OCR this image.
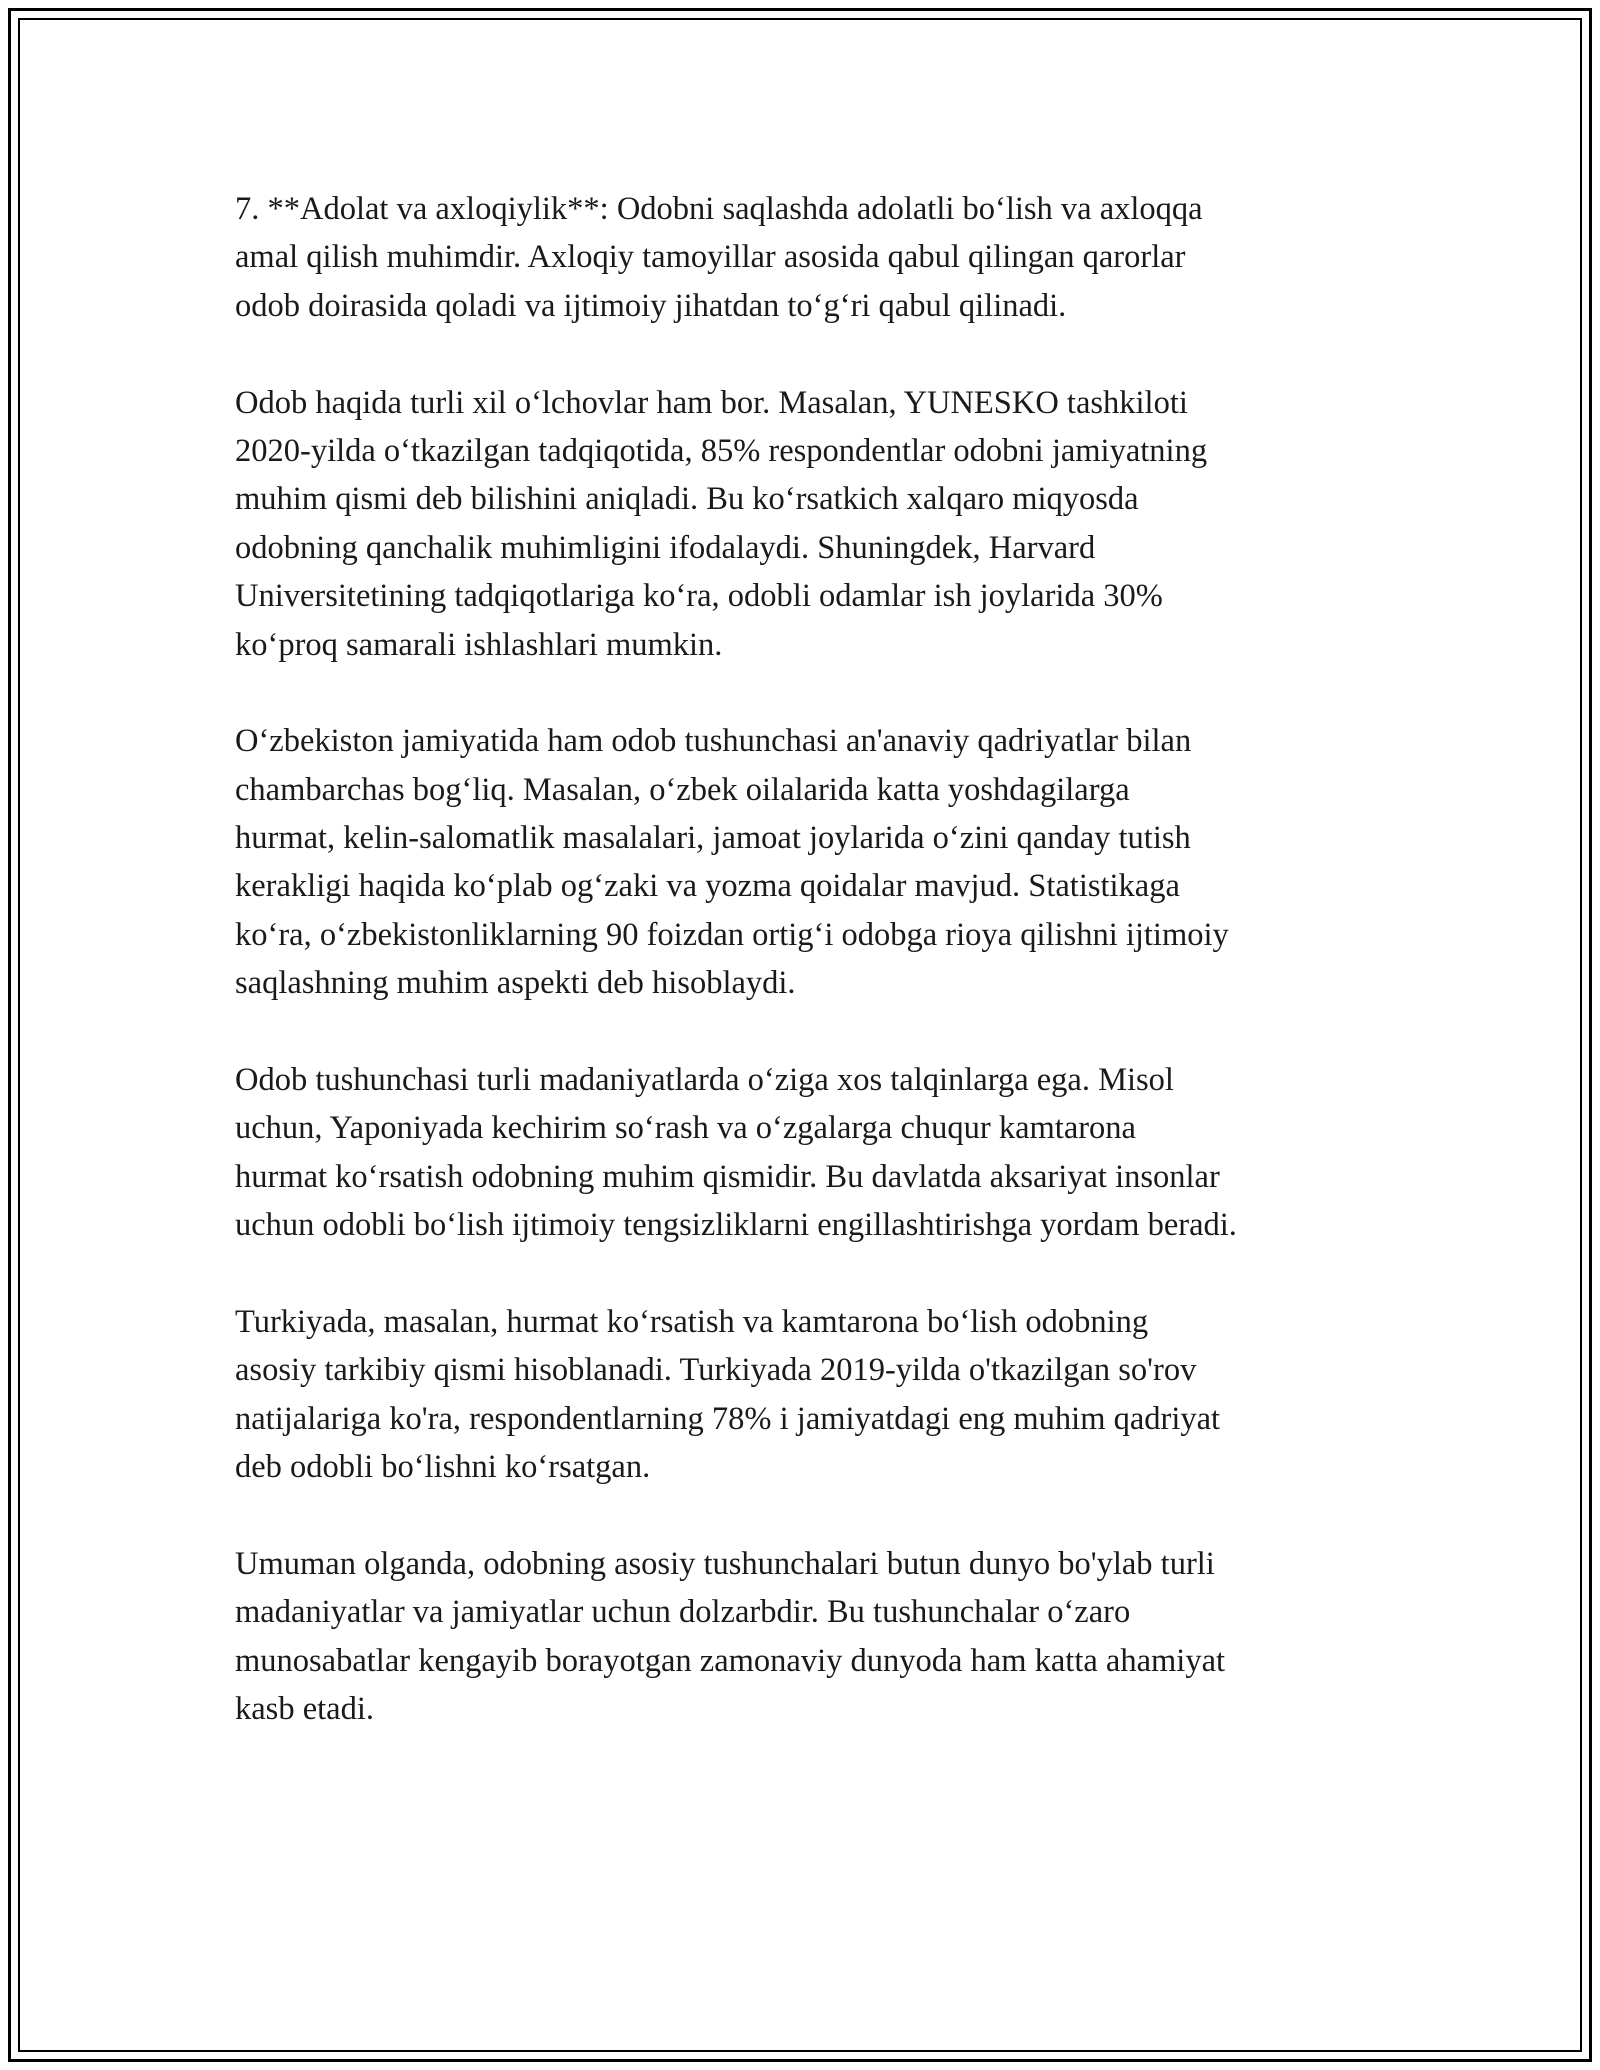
7. **Adolat va axloqiylik**: Odobni saqlashda adolatli bo‘lish va axloqqa
amal qilish muhimdir. Axloqiy tamoyillar asosida qabul qilingan qarorlar
odob doirasida qoladi va ijtimoiy jihatdan to‘g‘ri qabul qilinadi.

Odob haqida turli xil o‘lchovlar ham bor. Masalan, YUNESKO tashkiloti
2020-yilda o‘tkazilgan tadqiqotida, 85% respondentlar odobni jamiyatning
muhim qismi deb bilishini aniqladi. Bu ko‘rsatkich xalqaro miqyosda
odobning qanchalik muhimligini ifodalaydi. Shuningdek, Harvard
Universitetining tadqiqotlariga ko‘ra, odobli odamlar ish joylarida 30%
ko‘proq samarali ishlashlari mumkin.

O‘zbekiston jamiyatida ham odob tushunchasi an'anaviy qadriyatlar bilan
chambarchas bog‘liq. Masalan, o‘zbek oilalarida katta yoshdagilarga
hurmat, kelin-salomatlik masalalari, jamoat joylarida o‘zini qanday tutish
kerakligi haqida ko‘plab og‘zaki va yozma qoidalar mavjud. Statistikaga
ko‘ra, o‘zbekistonliklarning 90 foizdan ortig‘i odobga rioya qilishni ijtimoiy
saqlashning muhim aspekti deb hisoblaydi.

Odob tushunchasi turli madaniyatlarda o‘ziga xos talqinlarga ega. Misol
uchun, Yaponiyada kechirim so‘rash va o‘zgalarga chuqur kamtarona
hurmat ko‘rsatish odobning muhim qismidir. Bu davlatda aksariyat insonlar
uchun odobli bo‘lish ijtimoiy tengsizliklarni engillashtirishga yordam beradi.

Turkiyada, masalan, hurmat ko‘rsatish va kamtarona bo‘lish odobning
asosiy tarkibiy qismi hisoblanadi. Turkiyada 2019-yilda o'tkazilgan so'rov
natijalariga ko'ra, respondentlarning 78% i jamiyatdagi eng muhim qadriyat
deb odobli bo‘lishni ko‘rsatgan.

Umuman olganda, odobning asosiy tushunchalari butun dunyo bo'ylab turli
madaniyatlar va jamiyatlar uchun dolzarbdir. Bu tushunchalar o‘zaro
munosabatlar kengayib borayotgan zamonaviy dunyoda ham katta ahamiyat
kasb etadi.
